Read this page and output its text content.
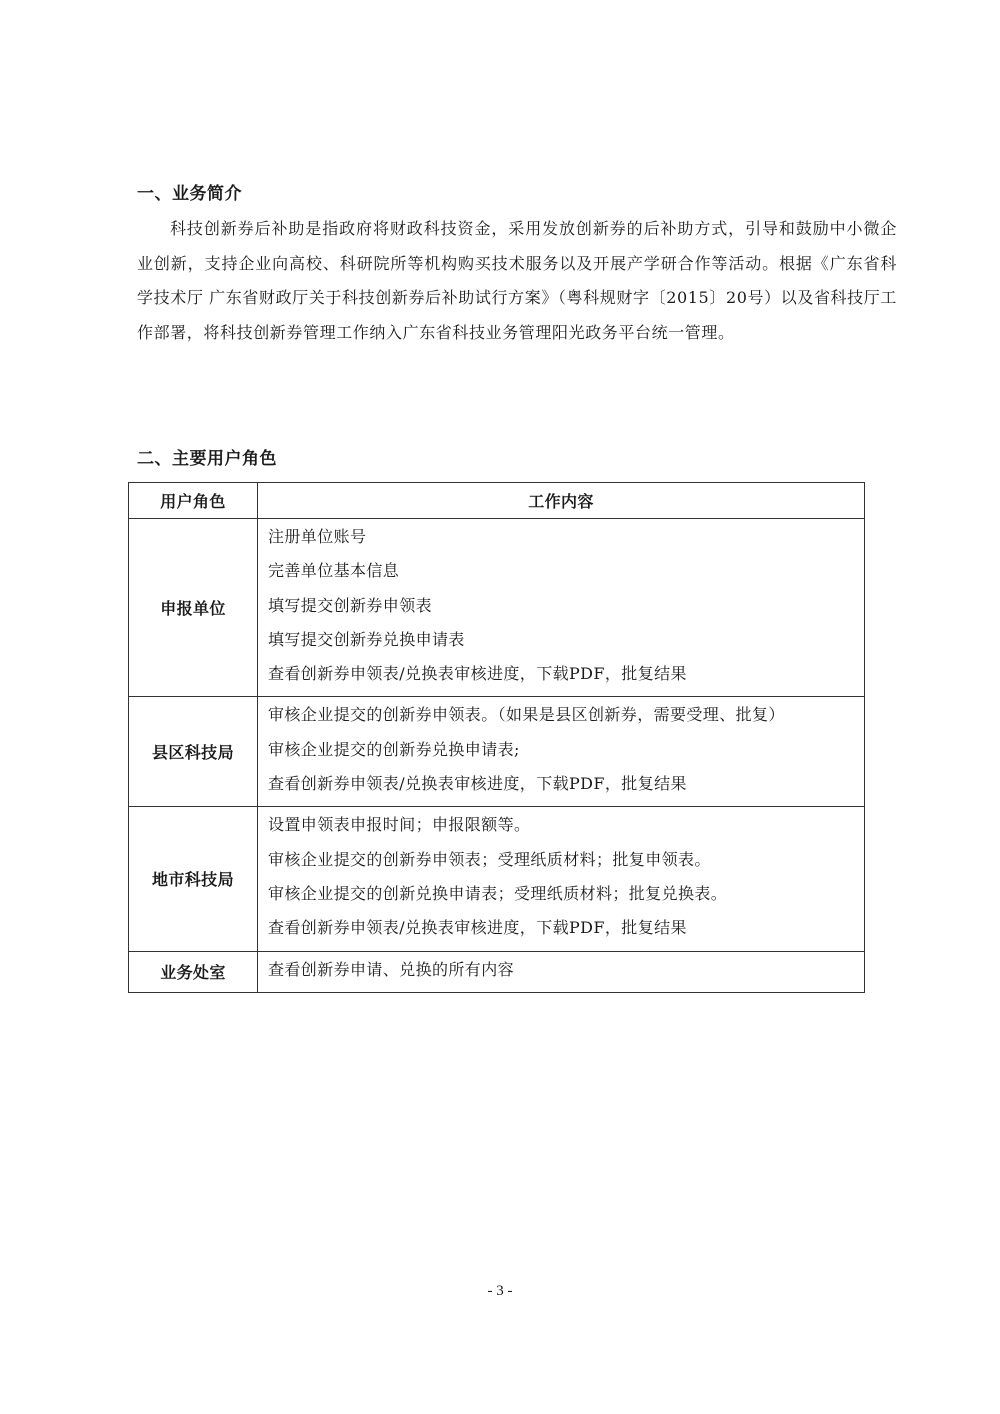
一、业务简介

科技创新券后补助是指政府将财政科技资金，采用发放创新券的后补助方式，引导和鼓励中小微企业创新，支持企业向高校、科研院所等机构购买技术服务以及开展产学研合作等活动。根据《广东省科学技术厅 广东省财政厅关于科技创新券后补助试行方案》（粤科规财字〔2015〕20号）以及省科技厅工作部署，将科技创新券管理工作纳入广东省科技业务管理阳光政务平台统一管理。

二、主要用户角色
用户角色	工作内容
申报单位	注册单位账号
完善单位基本信息
填写提交创新券申领表
填写提交创新券兑换申请表
查看创新券申领表/兑换表审核进度，下载PDF，批复结果

县区科技局	审核企业提交的创新券申领表。（如果是县区创新券，需要受理、批复）
审核企业提交的创新券兑换申请表;
查看创新券申领表/兑换表审核进度，下载PDF，批复结果

地市科技局	设置申领表申报时间；申报限额等。
审核企业提交的创新券申领表；受理纸质材料；批复申领表。
审核企业提交的创新兑换申请表；受理纸质材料；批复兑换表。
查看创新券申领表/兑换表审核进度，下载PDF，批复结果

业务处室	查看创新券申请、兑换的所有内容
- 3 -
